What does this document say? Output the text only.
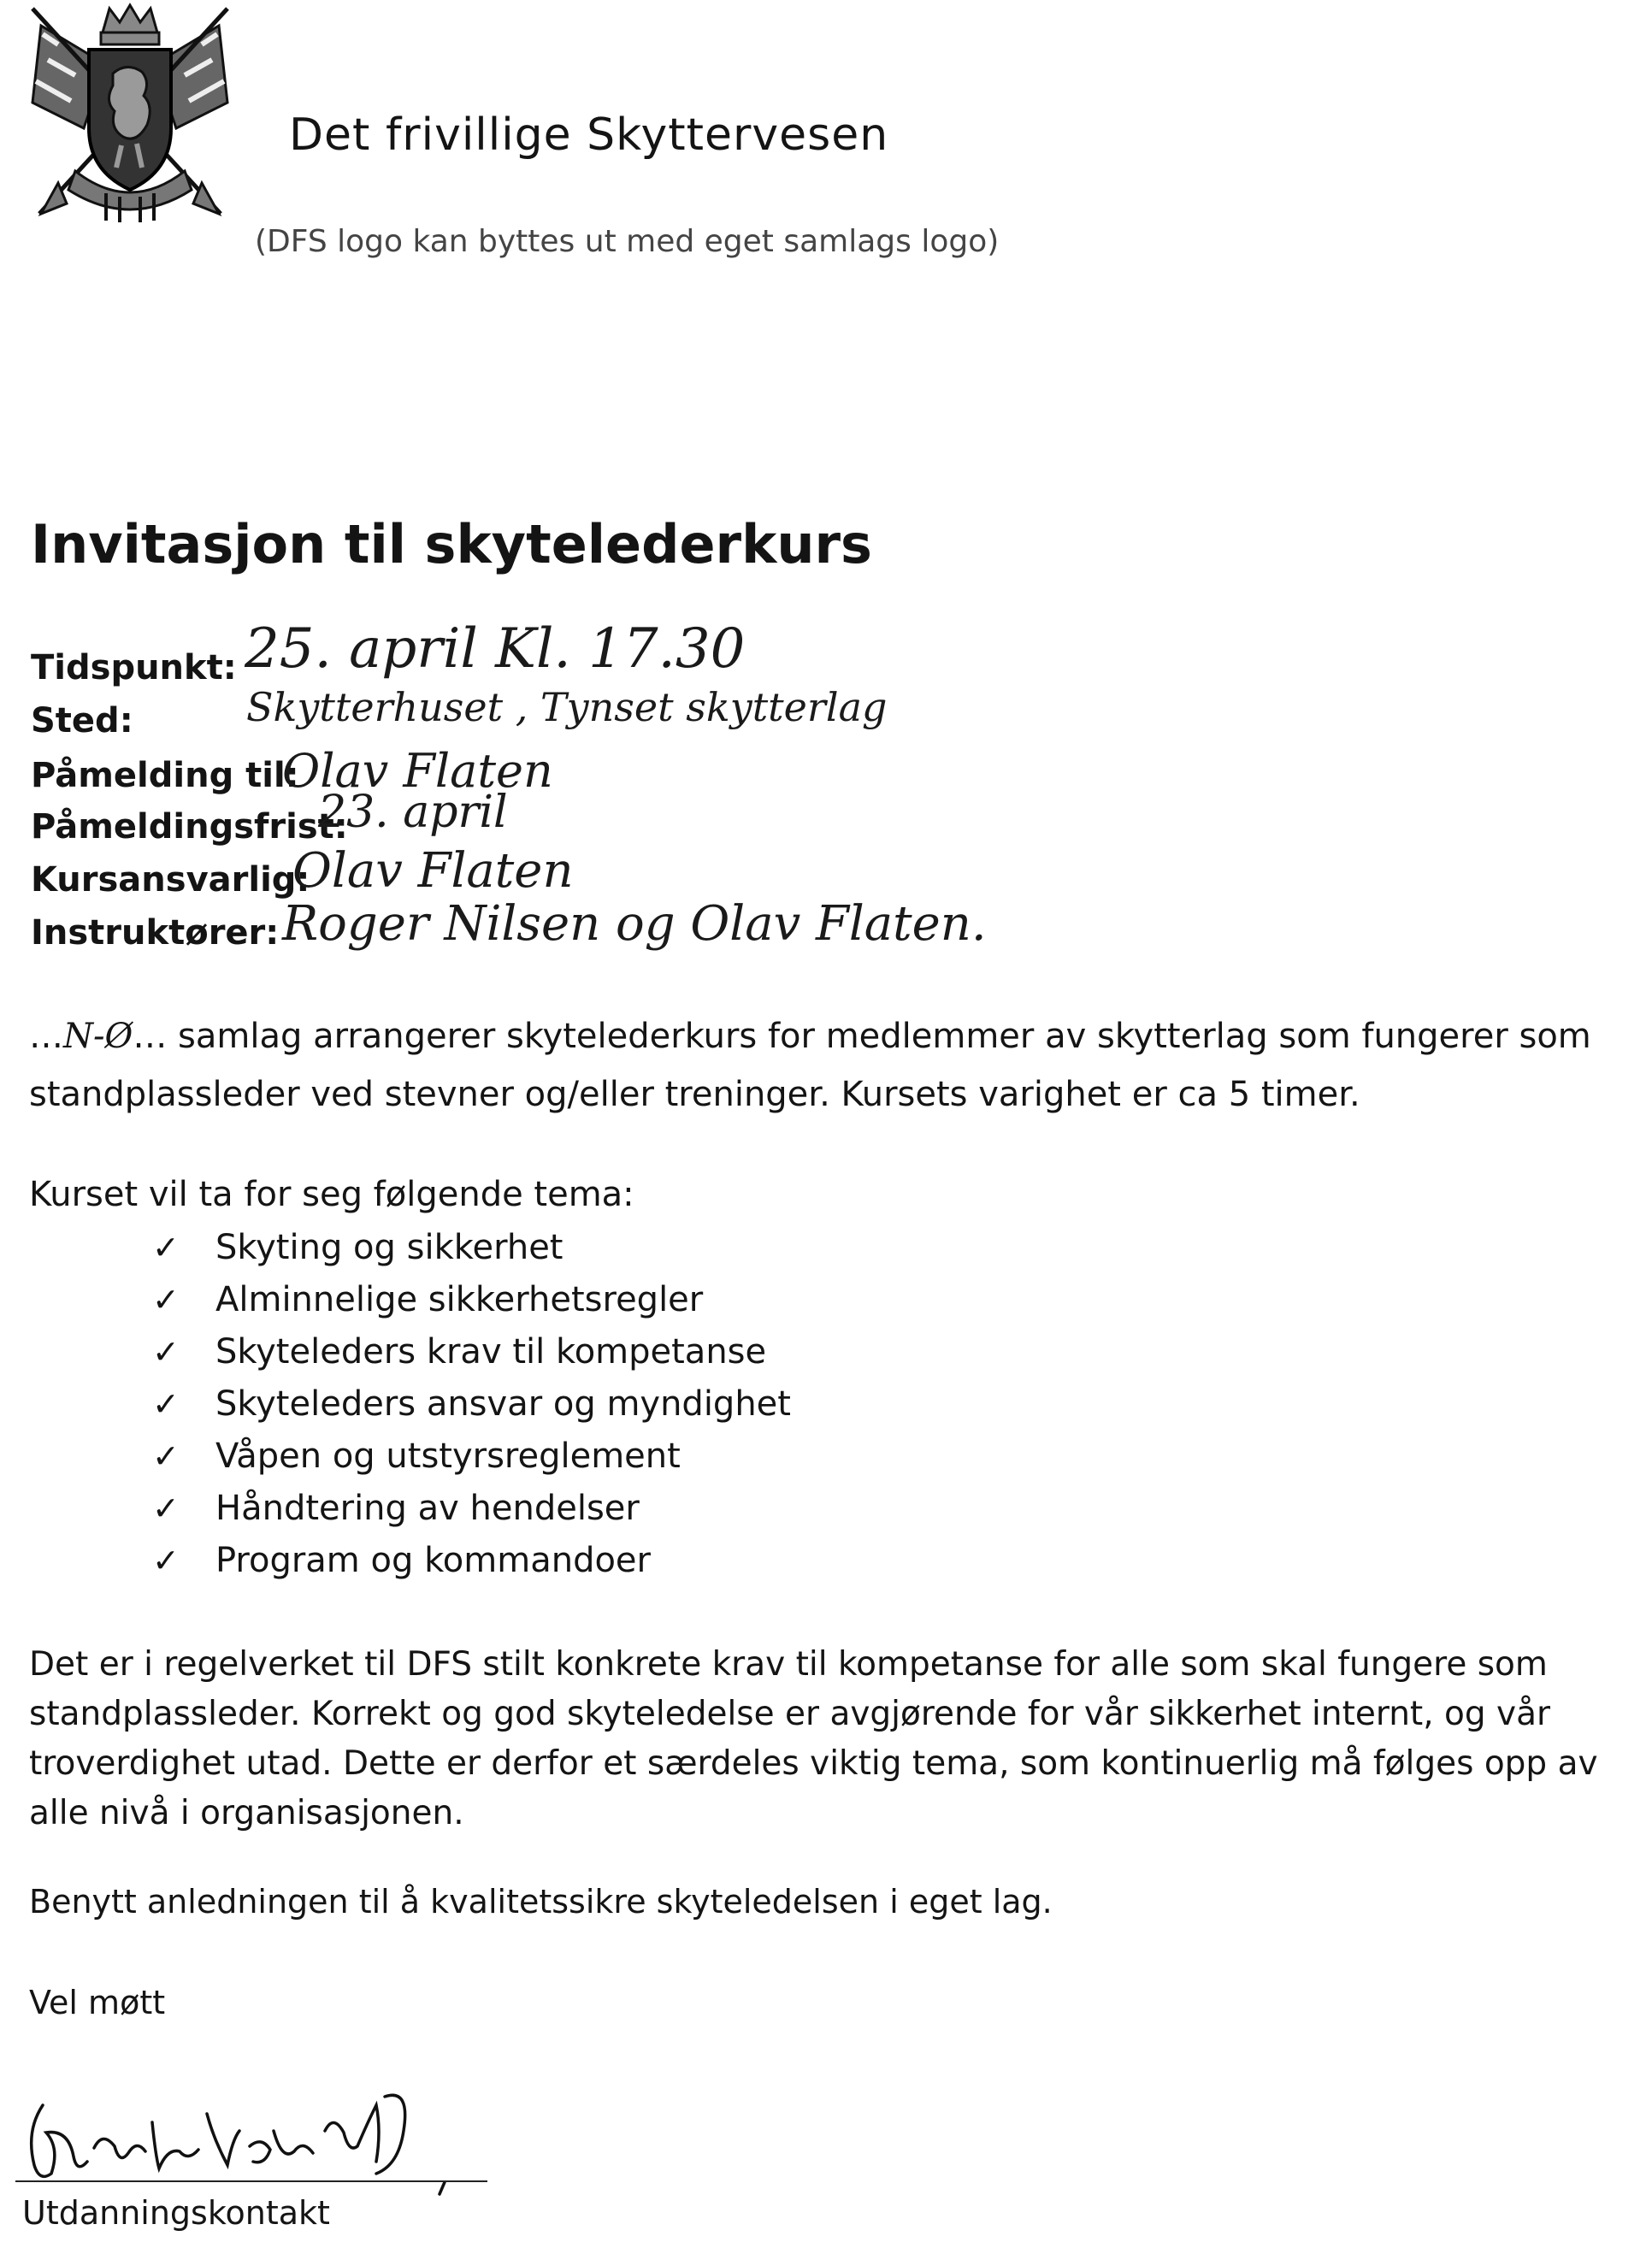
Det frivillige Skyttervesen
(DFS logo kan byttes ut med eget samlags logo)
Invitasjon til skytelederkurs
Tidspunkt: 25. april Kl. 17.30
Sted:	Skytterhuset , Tynset skytterlag
Påmelding til:
Olav Flaten
Påmeldingsfrist:
23. april
Kursansvarlig:
Olav Flaten
Instruktører: Roger Nilsen og Olav Flaten.
…N-Ø… samlag arrangerer skytelederkurs for medlemmer av skytterlag som fungerer som standplassleder ved stevner og/eller treninger. Kursets varighet er ca 5 timer.
Kurset vil ta for seg følgende tema:
✓	Skyting og sikkerhet
✓	Alminnelige sikkerhetsregler
✓	Skyteleders krav til kompetanse
✓	Skyteleders ansvar og myndighet
✓	Våpen og utstyrsreglement
✓	Håndtering av hendelser
✓	Program og kommandoer
Det er i regelverket til DFS stilt konkrete krav til kompetanse for alle som skal fungere som standplassleder. Korrekt og god skyteledelse er avgjørende for vår sikkerhet internt, og vår troverdighet utad. Dette er derfor et særdeles viktig tema, som kontinuerlig må følges opp av alle nivå i organisasjonen.
Benytt anledningen til å kvalitetssikre skyteledelsen i eget lag.
Vel møtt
Utdanningskontakt
